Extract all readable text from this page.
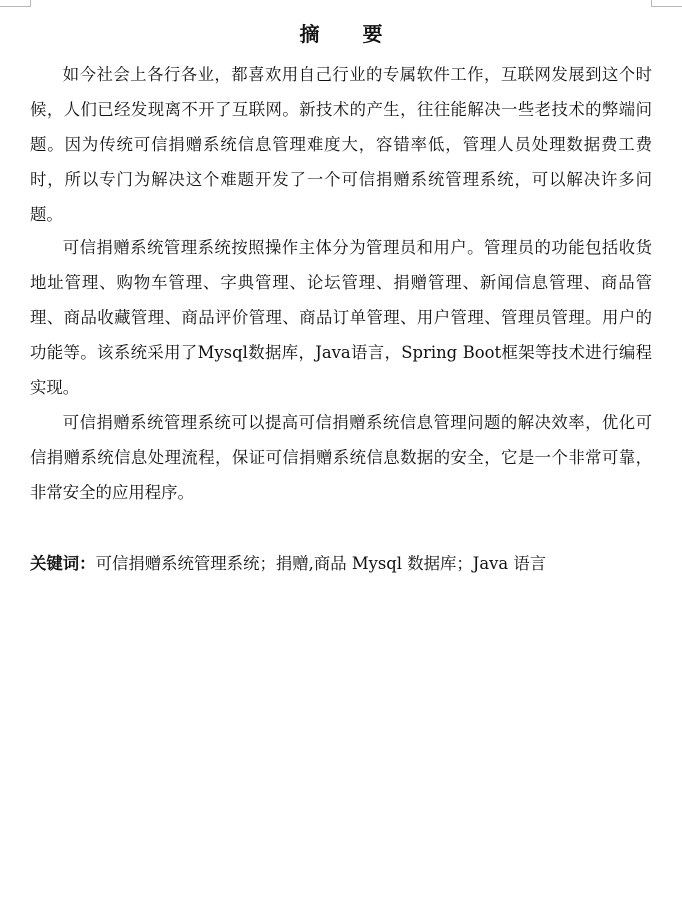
摘 要

如今社会上各行各业，都喜欢用自己行业的专属软件工作，互联网发展到这个时候，人们已经发现离不开了互联网。新技术的产生，往往能解决一些老技术的弊端问题。因为传统可信捐赠系统信息管理难度大，容错率低，管理人员处理数据费工费时，所以专门为解决这个难题开发了一个可信捐赠系统管理系统，可以解决许多问题。

可信捐赠系统管理系统按照操作主体分为管理员和用户。管理员的功能包括收货地址管理、购物车管理、字典管理、论坛管理、捐赠管理、新闻信息管理、商品管理、商品收藏管理、商品评价管理、商品订单管理、用户管理、管理员管理。用户的功能等。该系统采用了Mysql数据库，Java语言，Spring Boot框架等技术进行编程实现。

可信捐赠系统管理系统可以提高可信捐赠系统信息管理问题的解决效率，优化可信捐赠系统信息处理流程，保证可信捐赠系统信息数据的安全，它是一个非常可靠，非常安全的应用程序。

关键词：可信捐赠系统管理系统；捐赠,商品 Mysql 数据库；Java 语言
